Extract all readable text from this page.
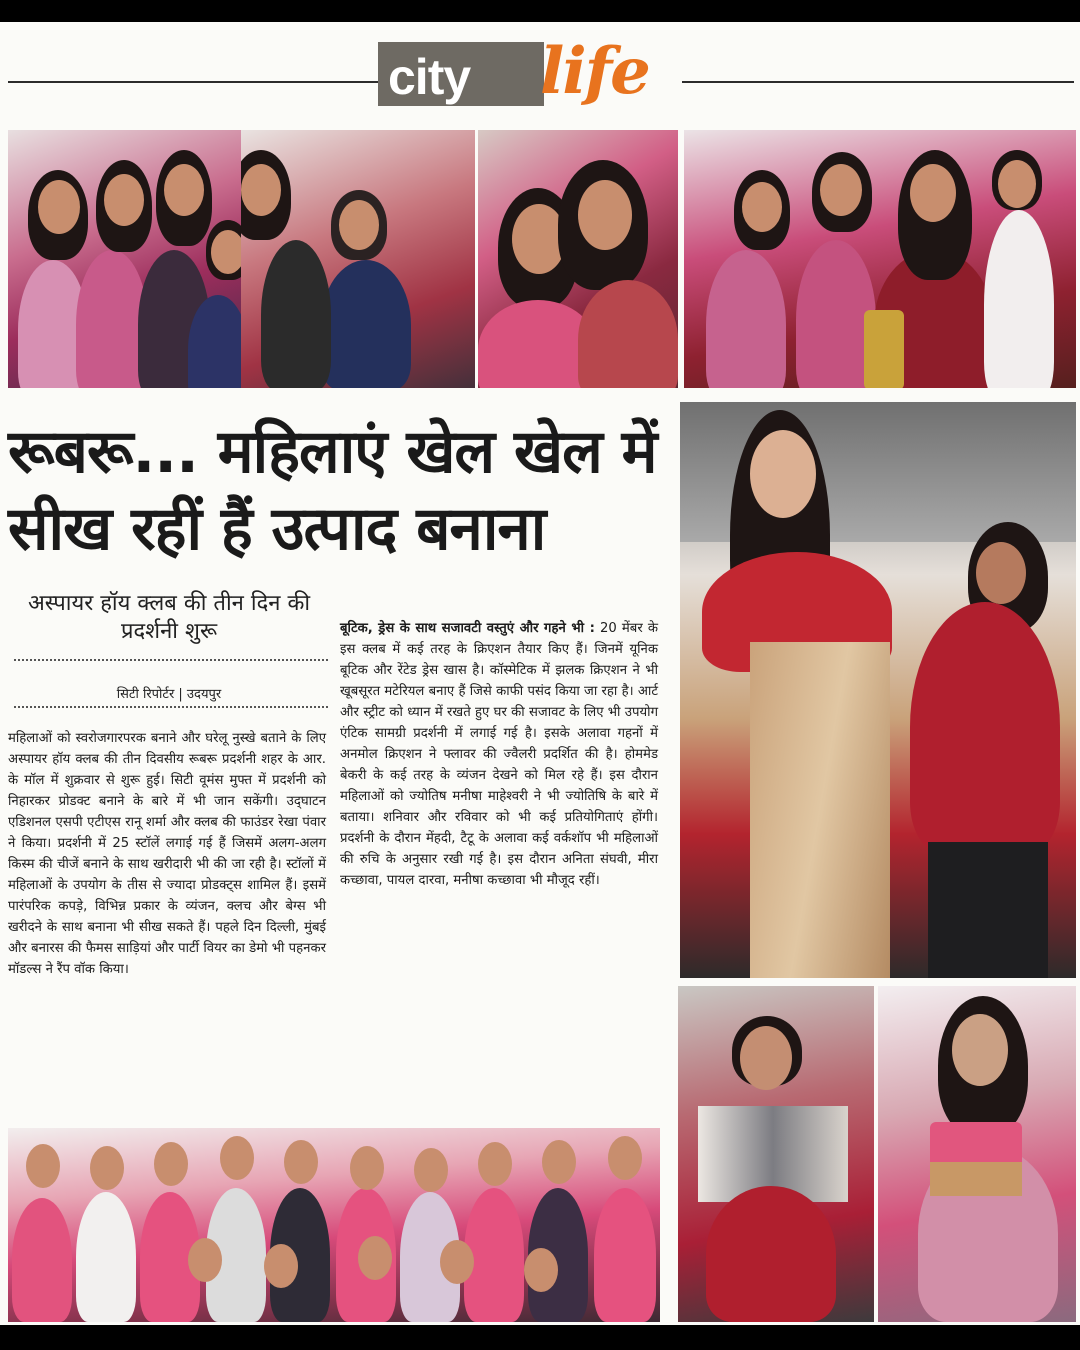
city life
रूबरू... महिलाएं खेल खेल में सीख रहीं हैं उत्पाद बनाना
अस्पायर हॉय क्लब की तीन दिन की प्रदर्शनी शुरू
सिटी रिपोर्टर | उदयपुर

महिलाओं को स्वरोजगारपरक बनाने और घरेलू नुस्खे बताने के लिए अस्पायर हॉय क्लब की तीन दिवसीय रूबरू प्रदर्शनी शहर के आर. के मॉल में शुक्रवार से शुरू हुई। सिटी वूमंस मुफ्त में प्रदर्शनी को निहारकर प्रोडक्ट बनाने के बारे में भी जान सकेंगी। उद्‌घाटन एडिशनल एसपी एटीएस रानू शर्मा और क्लब की फाउंडर रेखा पंवार ने किया। प्रदर्शनी में 25 स्टॉलें लगाई गई हैं जिसमें अलग-अलग किस्म की चीजें बनाने के साथ खरीदारी भी की जा रही है। स्टॉलों में महिलाओं के उपयोग के तीस से ज्यादा प्रोडक्ट्स शामिल हैं। इसमें पारंपरिक कपड़े, विभिन्न प्रकार के व्यंजन, क्लच और बेग्स भी खरीदने के साथ बनाना भी सीख सकते हैं। पहले दिन दिल्ली, मुंबई और बनारस की फैमस साड़ियां और पार्टी वियर का डेमो भी पहनकर मॉडल्स ने रैंप वॉक किया।

बूटिक, ड्रेस के साथ सजावटी वस्तुएं और गहने भी : 20 मेंबर के इस क्लब में कई तरह के क्रिएशन तैयार किए हैं। जिनमें यूनिक बूटिक और रेंटेड ड्रेस खास है। कॉस्मेटिक में झलक क्रिएशन ने भी खूबसूरत मटेरियल बनाए हैं जिसे काफी पसंद किया जा रहा है। आर्ट और स्ट्रीट को ध्यान में रखते हुए घर की सजावट के लिए भी उपयोग एंटिक सामग्री प्रदर्शनी में लगाई गई है। इसके अलावा गहनों में अनमोल क्रिएशन ने फ्लावर की ज्वैलरी प्रदर्शित की है। होममेड बेकरी के कई तरह के व्यंजन देखने को मिल रहे हैं। इस दौरान महिलाओं को ज्योतिष मनीषा माहेश्वरी ने भी ज्योतिषि के बारे में बताया। शनिवार और रविवार को भी कई प्रतियोगिताएं होंगी। प्रदर्शनी के दौरान मेंहदी, टैटू के अलावा कई वर्कशॉप भी महिलाओं की रुचि के अनुसार रखी गई है। इस दौरान अनिता संघवी, मीरा कच्छावा, पायल दारवा, मनीषा कच्छावा भी मौजूद रहीं।
